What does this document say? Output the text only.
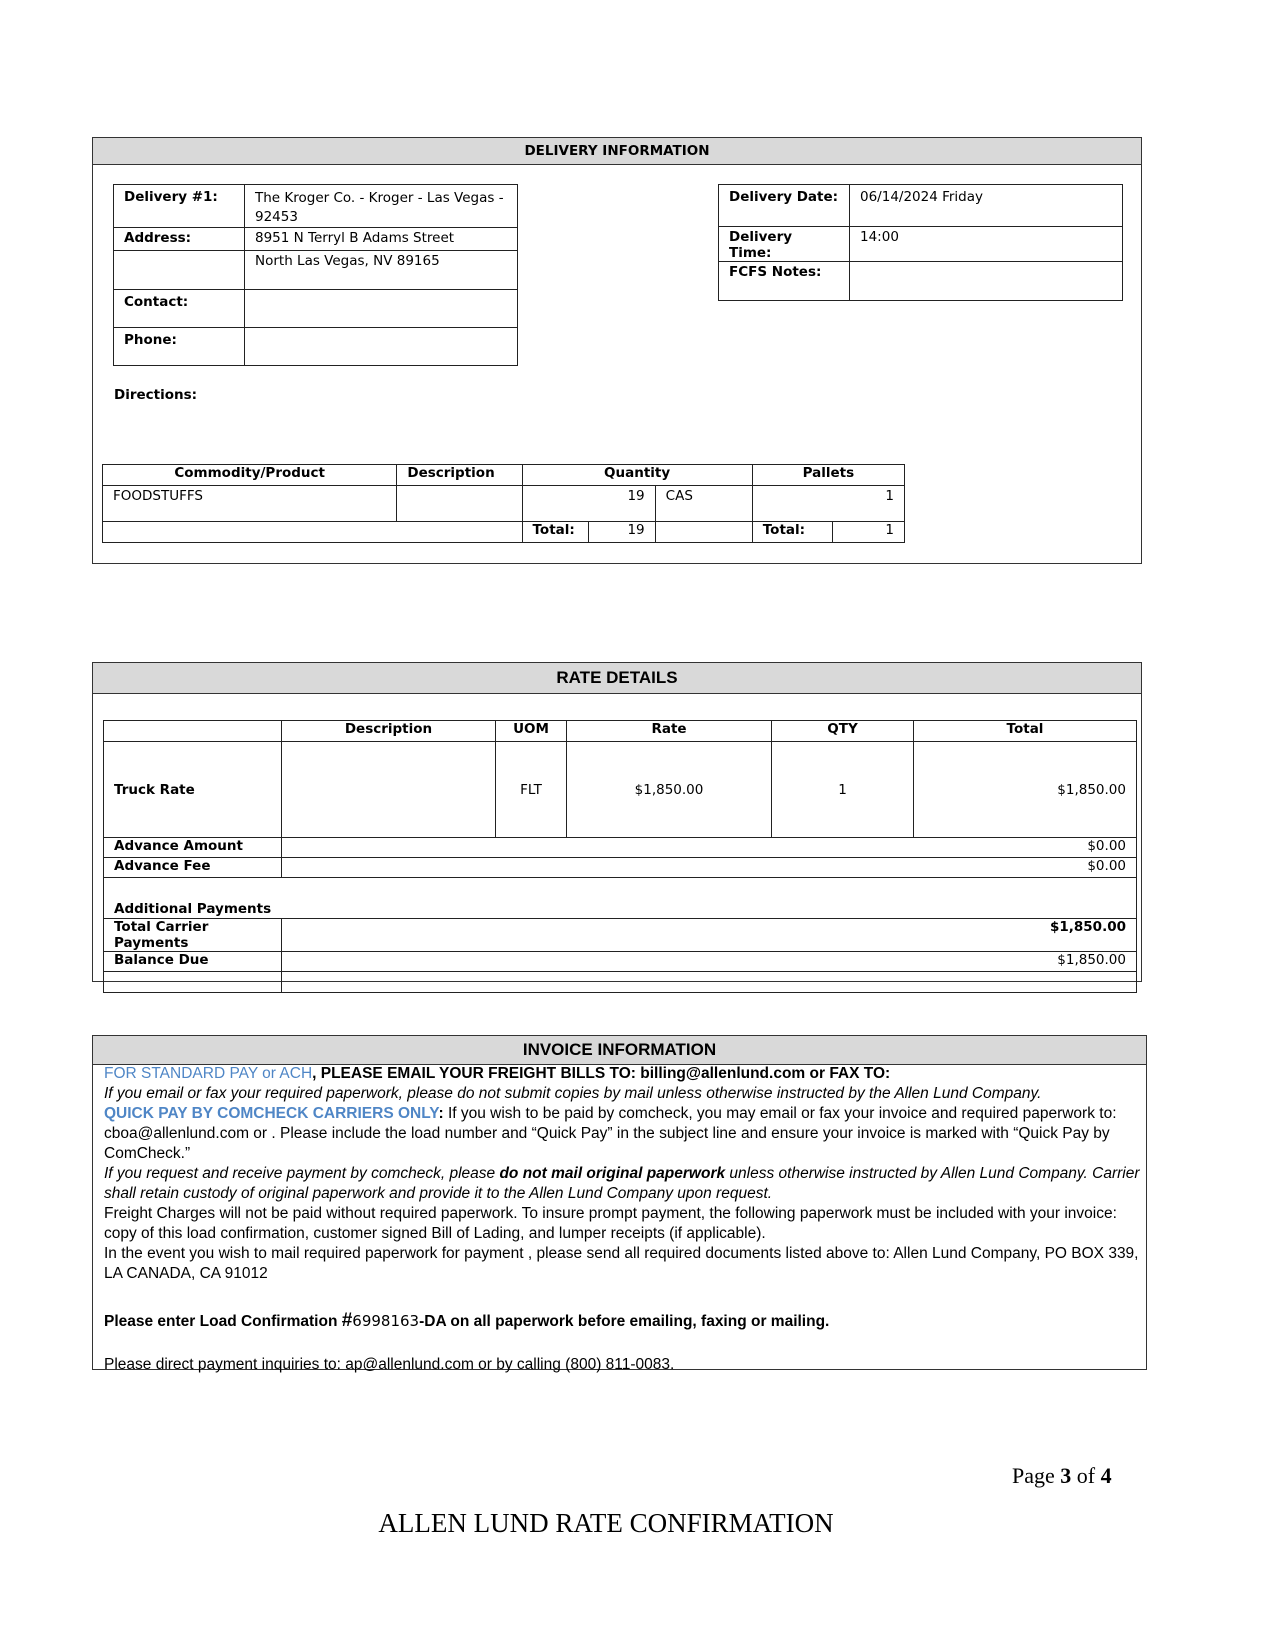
DELIVERY INFORMATION
Delivery #1:	The Kroger Co. - Kroger - Las Vegas -
92453
Address:	8951 N Terryl B Adams Street
	North Las Vegas, NV 89165
Contact:	
Phone:	
Delivery Date:	06/14/2024 Friday
Delivery Time:	14:00
FCFS Notes:	
Directions:
Commodity/Product	Description	Quantity			Pallets	
FOODSTUFFS		19		CAS	1	
		Total:	19		Total:	1
RATE DETAILS
	Description	UOM	Rate	QTY	Total
Truck Rate		FLT	$1,850.00	1	$1,850.00
Advance Amount	$0.00				
Advance Fee	$0.00				
Additional Payments					
Total Carrier Payments	$1,850.00				
Balance Due	$1,850.00				

INVOICE INFORMATION
FOR STANDARD PAY or ACH, PLEASE EMAIL YOUR FREIGHT BILLS TO: billing@allenlund.com or FAX TO:
If you email or fax your required paperwork, please do not submit copies by mail unless otherwise instructed by the Allen Lund Company.
QUICK PAY BY COMCHECK CARRIERS ONLY: If you wish to be paid by comcheck, you may email or fax your invoice and required paperwork to: cboa@allenlund.com or . Please include the load number and “Quick Pay” in the subject line and ensure your invoice is marked with “Quick Pay by ComCheck.”
If you request and receive payment by comcheck, please do not mail original paperwork unless otherwise instructed by Allen Lund Company. Carrier shall retain custody of original paperwork and provide it to the Allen Lund Company upon request.
Freight Charges will not be paid without required paperwork. To insure prompt payment, the following paperwork must be included with your invoice: copy of this load confirmation, customer signed Bill of Lading, and lumper receipts (if applicable).
In the event you wish to mail required paperwork for payment , please send all required documents listed above to: Allen Lund Company, PO BOX 339, LA CANADA, CA 91012
Please enter Load Confirmation #6998163-DA on all paperwork before emailing, faxing or mailing.
Please direct payment inquiries to: ap@allenlund.com or by calling (800) 811-0083.
Page 3 of 4
ALLEN LUND RATE CONFIRMATION
